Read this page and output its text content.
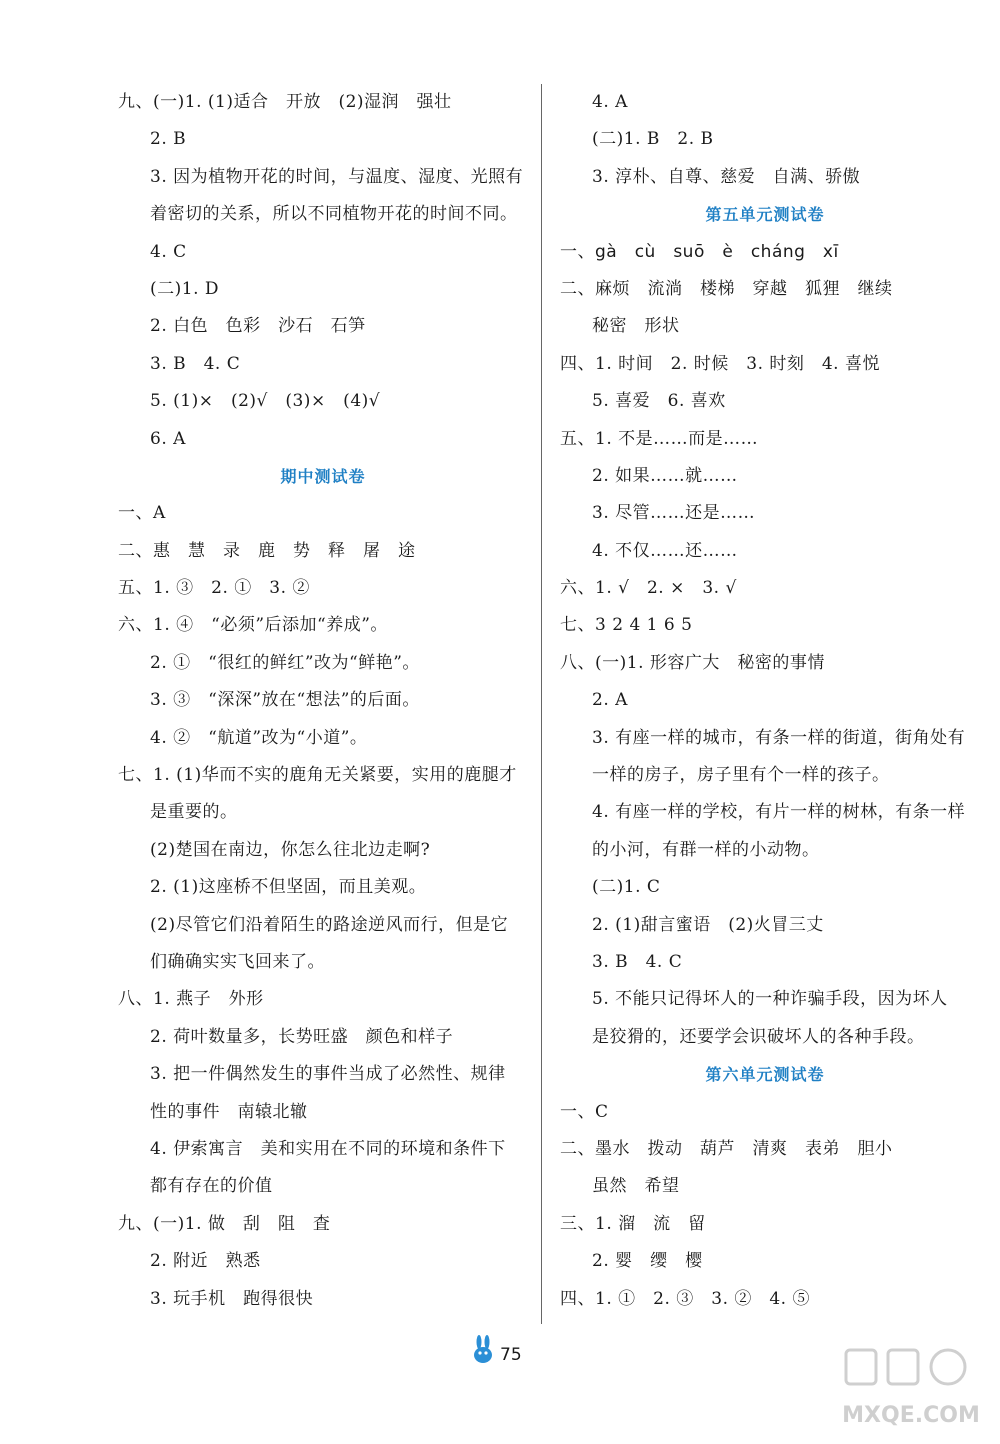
九、(一)1. (1)适合　开放　(2)湿润　强壮
2. B
3. 因为植物开花的时间，与温度、湿度、光照有
着密切的关系，所以不同植物开花的时间不同。
4. C
(二)1. D
2. 白色　色彩　沙石　石笋
3. B　4. C
5. (1)×　(2)√　(3)×　(4)√
6. A
期中测试卷
一、A
二、惠　慧　录　鹿　势　释　屠　途
五、1. ③　2. ①　3. ②
六、1. ④　“必须”后添加“养成”。
2. ①　“很红的鲜红”改为“鲜艳”。
3. ③　“深深”放在“想法”的后面。
4. ②　“航道”改为“小道”。
七、1. (1)华而不实的鹿角无关紧要，实用的鹿腿才
是重要的。
(2)楚国在南边，你怎么往北边走啊?
2. (1)这座桥不但坚固，而且美观。
(2)尽管它们沿着陌生的路途逆风而行，但是它
们确确实实飞回来了。
八、1. 燕子　外形
2. 荷叶数量多，长势旺盛　颜色和样子
3. 把一件偶然发生的事件当成了必然性、规律
性的事件　南辕北辙
4. 伊索寓言　美和实用在不同的环境和条件下
都有存在的价值
九、(一)1. 做　刮　阻　査
2. 附近　熟悉
3. 玩手机　跑得很快
4. A
(二)1. B　2. B
3. 淳朴、自尊、慈爱　自满、骄傲
第五单元测试卷
一、gà　cù　suō　è　cháng　xī
二、麻烦　流淌　楼梯　穿越　狐狸　继续
秘密　形状
四、1. 时间　2. 时候　3. 时刻　4. 喜悦
5. 喜爱　6. 喜欢
五、1. 不是……而是……
2. 如果……就……
3. 尽管……还是……
4. 不仅……还……
六、1. √　2. ×　3. √
七、3 2 4 1 6 5
八、(一)1. 形容广大　秘密的事情
2. A
3. 有座一样的城市，有条一样的街道，街角处有
一样的房子，房子里有个一样的孩子。
4. 有座一样的学校，有片一样的树林，有条一样
的小河，有群一样的小动物。
(二)1. C
2. (1)甜言蜜语　(2)火冒三丈
3. B　4. C
5. 不能只记得坏人的一种诈骗手段，因为坏人
是狡猾的，还要学会识破坏人的各种手段。
第六单元测试卷
一、C
二、墨水　拨动　葫芦　清爽　表弟　胆小
虽然　希望
三、1. 溜　流　留
2. 婴　缨　樱
四、1. ①　2. ③　3. ②　4. ⑤
75
MXQE.COM
